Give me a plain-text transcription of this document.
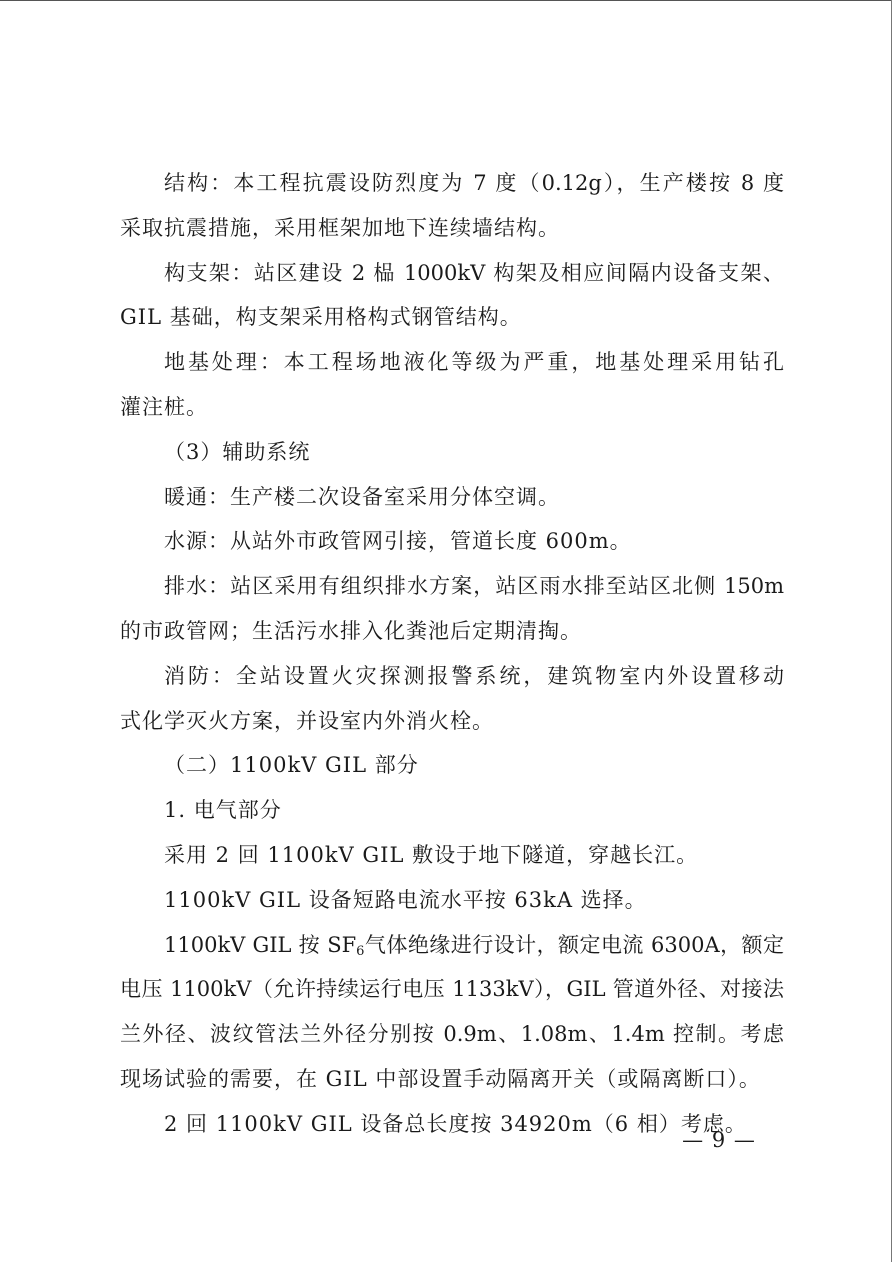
结构：本工程抗震设防烈度为 7 度（0.12g），生产楼按 8 度
采取抗震措施，采用框架加地下连续墙结构。
构支架：站区建设 2 榀 1000kV 构架及相应间隔内设备支架、
GIL 基础，构支架采用格构式钢管结构。
地基处理：本工程场地液化等级为严重，地基处理采用钻孔
灌注桩。
（3）辅助系统
暖通：生产楼二次设备室采用分体空调。
水源：从站外市政管网引接，管道长度 600m。
排水：站区采用有组织排水方案，站区雨水排至站区北侧 150m
的市政管网；生活污水排入化粪池后定期清掏。
消防：全站设置火灾探测报警系统，建筑物室内外设置移动
式化学灭火方案，并设室内外消火栓。
（二）1100kV GIL 部分
1. 电气部分
采用 2 回 1100kV GIL 敷设于地下隧道，穿越长江。
1100kV GIL 设备短路电流水平按 63kA 选择。
1100kV GIL 按 $SF_6$气体绝缘进行设计，额定电流 6300A，额定
电压 1100kV（允许持续运行电压 1133kV），GIL 管道外径、对接法
兰外径、波纹管法兰外径分别按 0.9m、1.08m、1.4m 控制。考虑
现场试验的需要，在 GIL 中部设置手动隔离开关（或隔离断口）。
2 回 1100kV GIL 设备总长度按 34920m（6 相）考虑。
— 9 —
